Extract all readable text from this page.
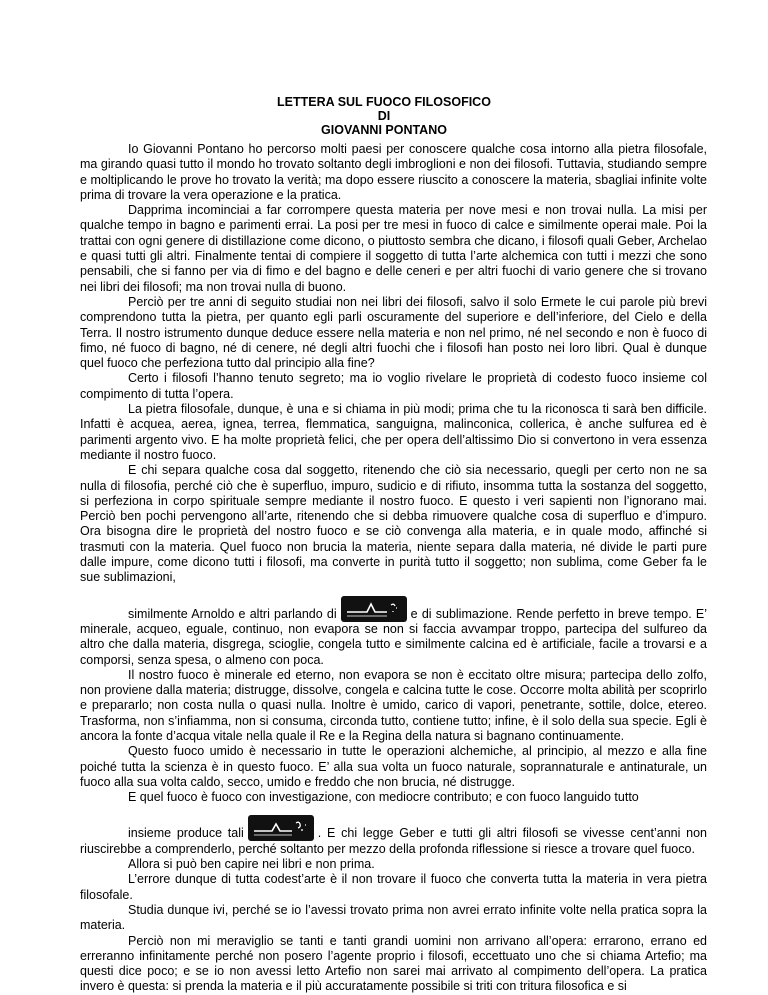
LETTERA SUL FUOCO FILOSOFICO
DI
GIOVANNI PONTANO

Io Giovanni Pontano ho percorso molti paesi per conoscere qualche cosa intorno alla pietra filosofale, ma girando quasi tutto il mondo ho trovato soltanto degli imbroglioni e non dei filosofi. Tuttavia, studiando sempre e moltiplicando le prove ho trovato la verità; ma dopo essere riuscito a conoscere la materia, sbagliai infinite volte prima di trovare la vera operazione e la pratica.

Dapprima incominciai a far corrompere questa materia per nove mesi e non trovai nulla. La misi per qualche tempo in bagno e parimenti errai. La posi per tre mesi in fuoco di calce e similmente operai male. Poi la trattai con ogni genere di distillazione come dicono, o piuttosto sembra che dicano, i filosofi quali Geber, Archelao e quasi tutti gli altri. Finalmente tentai di compiere il soggetto di tutta l’arte alchemica con tutti i mezzi che sono pensabili, che si fanno per via di fimo e del bagno e delle ceneri e per altri fuochi di vario genere che si trovano nei libri dei filosofi; ma non trovai nulla di buono.

Perciò per tre anni di seguito studiai non nei libri dei filosofi, salvo il solo Ermete le cui parole più brevi comprendono tutta la pietra, per quanto egli parli oscuramente del superiore e dell’inferiore, del Cielo e della Terra. Il nostro istrumento dunque deduce essere nella materia e non nel primo, né nel secondo e non è fuoco di fimo, né fuoco di bagno, né di cenere, né degli altri fuochi che i filosofi han posto nei loro libri. Qual è dunque quel fuoco che perfeziona tutto dal principio alla fine?

Certo i filosofi l’hanno tenuto segreto; ma io voglio rivelare le proprietà di codesto fuoco insieme col compimento di tutta l’opera.

La pietra filosofale, dunque, è una e si chiama in più modi; prima che tu la riconosca ti sarà ben difficile. Infatti è acquea, aerea, ignea, terrea, flemmatica, sanguigna, malinconica, collerica, è anche sulfurea ed è parimenti argento vivo. E ha molte proprietà felici, che per opera dell’altissimo Dio si convertono in vera essenza mediante il nostro fuoco.

E chi separa qualche cosa dal soggetto, ritenendo che ciò sia necessario, quegli per certo non ne sa nulla di filosofia, perché ciò che è superfluo, impuro, sudicio e di rifiuto, insomma tutta la sostanza del soggetto, si perfeziona in corpo spirituale sempre mediante il nostro fuoco. E questo i veri sapienti non l’ignorano mai. Perciò ben pochi pervengono all’arte, ritenendo che si debba rimuovere qualche cosa di superfluo e d’impuro. Ora bisogna dire le proprietà del nostro fuoco e se ciò convenga alla materia, e in quale modo, affinché si trasmuti con la materia. Quel fuoco non brucia la materia, niente separa dalla materia, né divide le parti pure dalle impure, come dicono tutti i filosofi, ma converte in purità tutto il soggetto; non sublima, come Geber fa le sue sublimazioni,

similmente Arnoldo e altri parlando di	e di sublimazione. Rende perfetto in breve tempo. E’ minerale, acqueo, eguale, continuo, non evapora se non si faccia avvampar troppo, partecipa del sulfureo da altro che dalla materia, disgrega, scioglie, congela tutto e similmente calcina ed è artificiale, facile a trovarsi e a comporsi, senza spesa, o almeno con poca.

Il nostro fuoco è minerale ed eterno, non evapora se non è eccitato oltre misura; partecipa dello zolfo, non proviene dalla materia; distrugge, dissolve, congela e calcina tutte le cose. Occorre molta abilità per scoprirlo e prepararlo; non costa nulla o quasi nulla. Inoltre è umido, carico di vapori, penetrante, sottile, dolce, etereo. Trasforma, non s’infiamma, non si consuma, circonda tutto, contiene tutto; infine, è il solo della sua specie. Egli è ancora la fonte d’acqua vitale nella quale il Re e la Regina della natura si bagnano continuamente.

Questo fuoco umido è necessario in tutte le operazioni alchemiche, al principio, al mezzo e alla fine poiché tutta la scienza è in questo fuoco. E’ alla sua volta un fuoco naturale, soprannaturale e antinaturale, un fuoco alla sua volta caldo, secco, umido e freddo che non brucia, né distrugge.

E quel fuoco è fuoco con investigazione, con mediocre contributo; e con fuoco languido tutto

insieme produce tali	. E chi legge Geber e tutti gli altri filosofi se vivesse cent’anni non riuscirebbe a comprenderlo, perché soltanto per mezzo della profonda riflessione si riesce a trovare quel fuoco.

Allora si può ben capire nei libri e non prima.

L’errore dunque di tutta codest’arte è il non trovare il fuoco che converta tutta la materia in vera pietra filosofale.

Studia dunque ivi, perché se io l’avessi trovato prima non avrei errato infinite volte nella pratica sopra la materia.

Perciò non mi meraviglio se tanti e tanti grandi uomini non arrivano all’opera: errarono, errano ed erreranno infinitamente perché non posero l’agente proprio i filosofi, eccettuato uno che si chiama Artefio; ma questi dice poco; e se io non avessi letto Artefio non sarei mai arrivato al compimento dell’opera. La pratica invero è questa: si prenda la materia e il più accuratamente possibile si triti con tritura filosofica e si
